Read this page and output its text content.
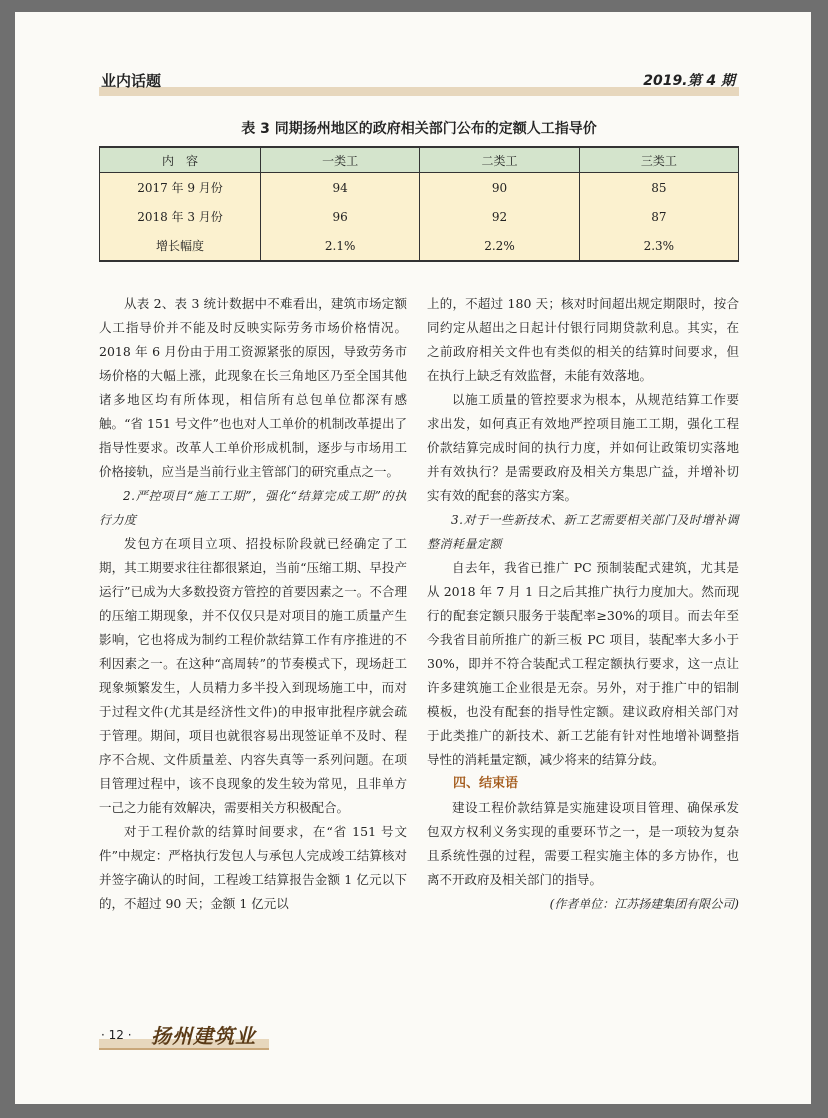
业内话题	2019.第 4 期
表 3 同期扬州地区的政府相关部门公布的定额人工指导价
内　容	一类工	二类工	三类工
2017 年 9 月份	94	90	85
2018 年 3 月份	96	92	87
增长幅度	2.1%	2.2%	2.3%

从表 2、表 3 统计数据中不难看出，建筑市场定额人工指导价并不能及时反映实际劳务市场价格情况。2018 年 6 月份由于用工资源紧张的原因，导致劳务市场价格的大幅上涨，此现象在长三角地区乃至全国其他诸多地区均有所体现，相信所有总包单位都深有感触。“省 151 号文件”也也对人工单价的机制改革提出了指导性要求。改革人工单价形成机制，逐步与市场用工价格接轨，应当是当前行业主管部门的研究重点之一。

2.严控项目“施工工期”，强化“结算完成工期”的执行力度

发包方在项目立项、招投标阶段就已经确定了工期，其工期要求往往都很紧迫，当前“压缩工期、早投产运行”已成为大多数投资方管控的首要因素之一。不合理的压缩工期现象，并不仅仅只是对项目的施工质量产生影响，它也将成为制约工程价款结算工作有序推进的不利因素之一。在这种“高周转”的节奏模式下，现场赶工现象频繁发生，人员精力多半投入到现场施工中，而对于过程文件(尤其是经济性文件)的申报审批程序就会疏于管理。期间，项目也就很容易出现签证单不及时、程序不合规、文件质量差、内容失真等一系列问题。在项目管理过程中，该不良现象的发生较为常见，且非单方一己之力能有效解决，需要相关方积极配合。

对于工程价款的结算时间要求，在“省 151 号文件”中规定：严格执行发包人与承包人完成竣工结算核对并签字确认的时间，工程竣工结算报告金额 1 亿元以下的，不超过 90 天；金额 1 亿元以

上的，不超过 180 天；核对时间超出规定期限时，按合同约定从超出之日起计付银行同期贷款利息。其实，在之前政府相关文件也有类似的相关的结算时间要求，但在执行上缺乏有效监督，未能有效落地。

以施工质量的管控要求为根本，从规范结算工作要求出发，如何真正有效地严控项目施工工期，强化工程价款结算完成时间的执行力度，并如何让政策切实落地并有效执行？是需要政府及相关方集思广益，并增补切实有效的配套的落实方案。

3.对于一些新技术、新工艺需要相关部门及时增补调整消耗量定额

自去年，我省已推广 PC 预制装配式建筑，尤其是从 2018 年 7 月 1 日之后其推广执行力度加大。然而现行的配套定额只服务于装配率≥30%的项目。而去年至今我省目前所推广的新三板 PC 项目，装配率大多小于 30%，即并不符合装配式工程定额执行要求，这一点让许多建筑施工企业很是无奈。另外，对于推广中的铝制模板，也没有配套的指导性定额。建议政府相关部门对于此类推广的新技术、新工艺能有针对性地增补调整指导性的消耗量定额，减少将来的结算分歧。

四、结束语

建设工程价款结算是实施建设项目管理、确保承发包双方权利义务实现的重要环节之一，是一项较为复杂且系统性强的过程，需要工程实施主体的多方协作，也离不开政府及相关部门的指导。

(作者单位：江苏扬建集团有限公司)

· 12 · 扬州建筑业
